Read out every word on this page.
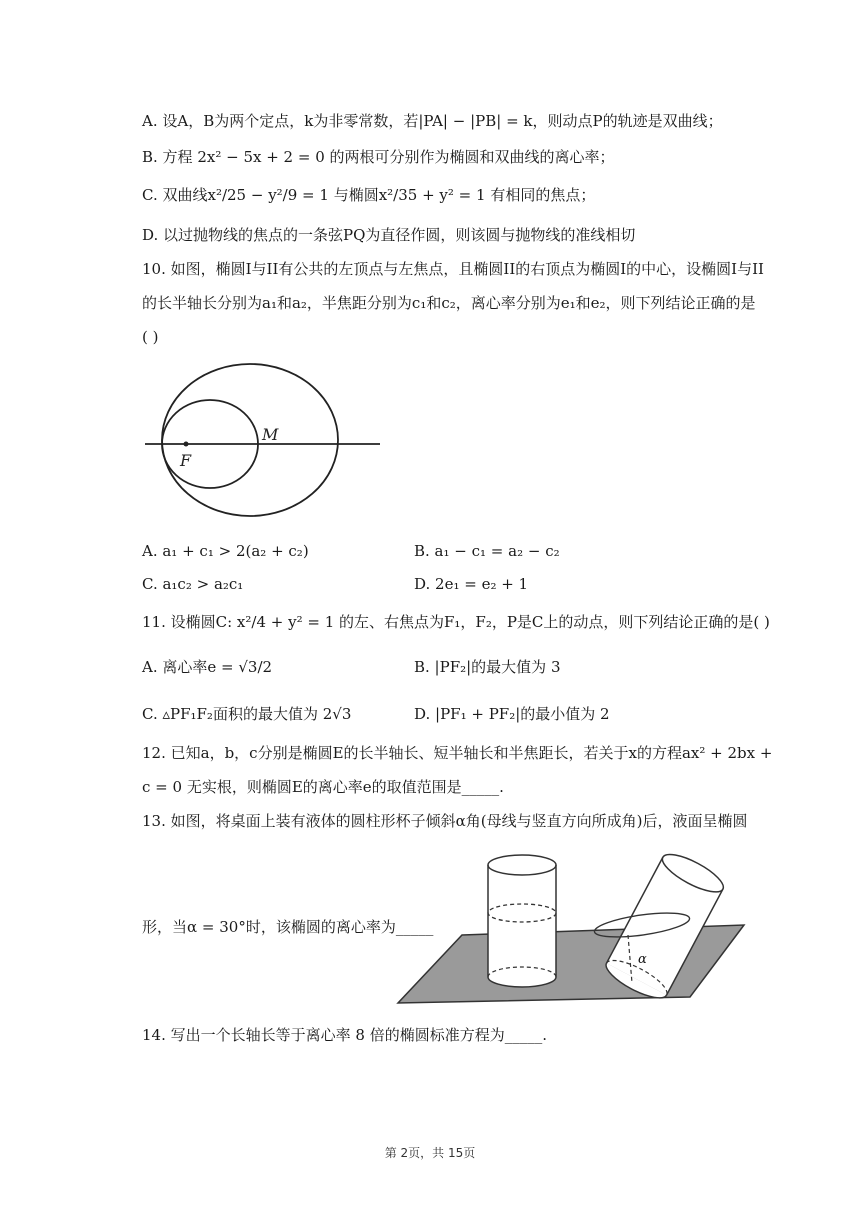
A. 设A，B为两个定点，k为非零常数，若|PA| − |PB| = k，则动点P的轨迹是双曲线；
B. 方程 2x² − 5x + 2 = 0 的两根可分别作为椭圆和双曲线的离心率；
C. 双曲线x²/25 − y²/9 = 1 与椭圆x²/35 + y² = 1 有相同的焦点；
D. 以过抛物线的焦点的一条弦PQ为直径作圆，则该圆与抛物线的准线相切
10. 如图，椭圆I与II有公共的左顶点与左焦点，且椭圆II的右顶点为椭圆I的中心，设椭圆I与II
的长半轴长分别为a₁和a₂，半焦距分别为c₁和c₂，离心率分别为e₁和e₂，则下列结论正确的是
( )
M
F
A. a₁ + c₁ > 2(a₂ + c₂)	B. a₁ − c₁ = a₂ − c₂
C. a₁c₂ > a₂c₁	D. 2e₁ = e₂ + 1
11. 设椭圆C: x²/4 + y² = 1 的左、右焦点为F₁，F₂，P是C上的动点，则下列结论正确的是( )
A. 离心率e = √3/2	B. |PF₂|的最大值为 3
C. ▵PF₁F₂面积的最大值为 2√3	D. |PF₁ + PF₂|的最小值为 2
12. 已知a，b，c分别是椭圆E的长半轴长、短半轴长和半焦距长，若关于x的方程ax² + 2bx +
c = 0 无实根，则椭圆E的离心率e的取值范围是_____.
13. 如图，将桌面上装有液体的圆柱形杯子倾斜α角(母线与竖直方向所成角)后，液面呈椭圆
形，当α = 30°时，该椭圆的离心率为_____
α
14. 写出一个长轴长等于离心率 8 倍的椭圆标准方程为_____.
第 2页，共 15页
